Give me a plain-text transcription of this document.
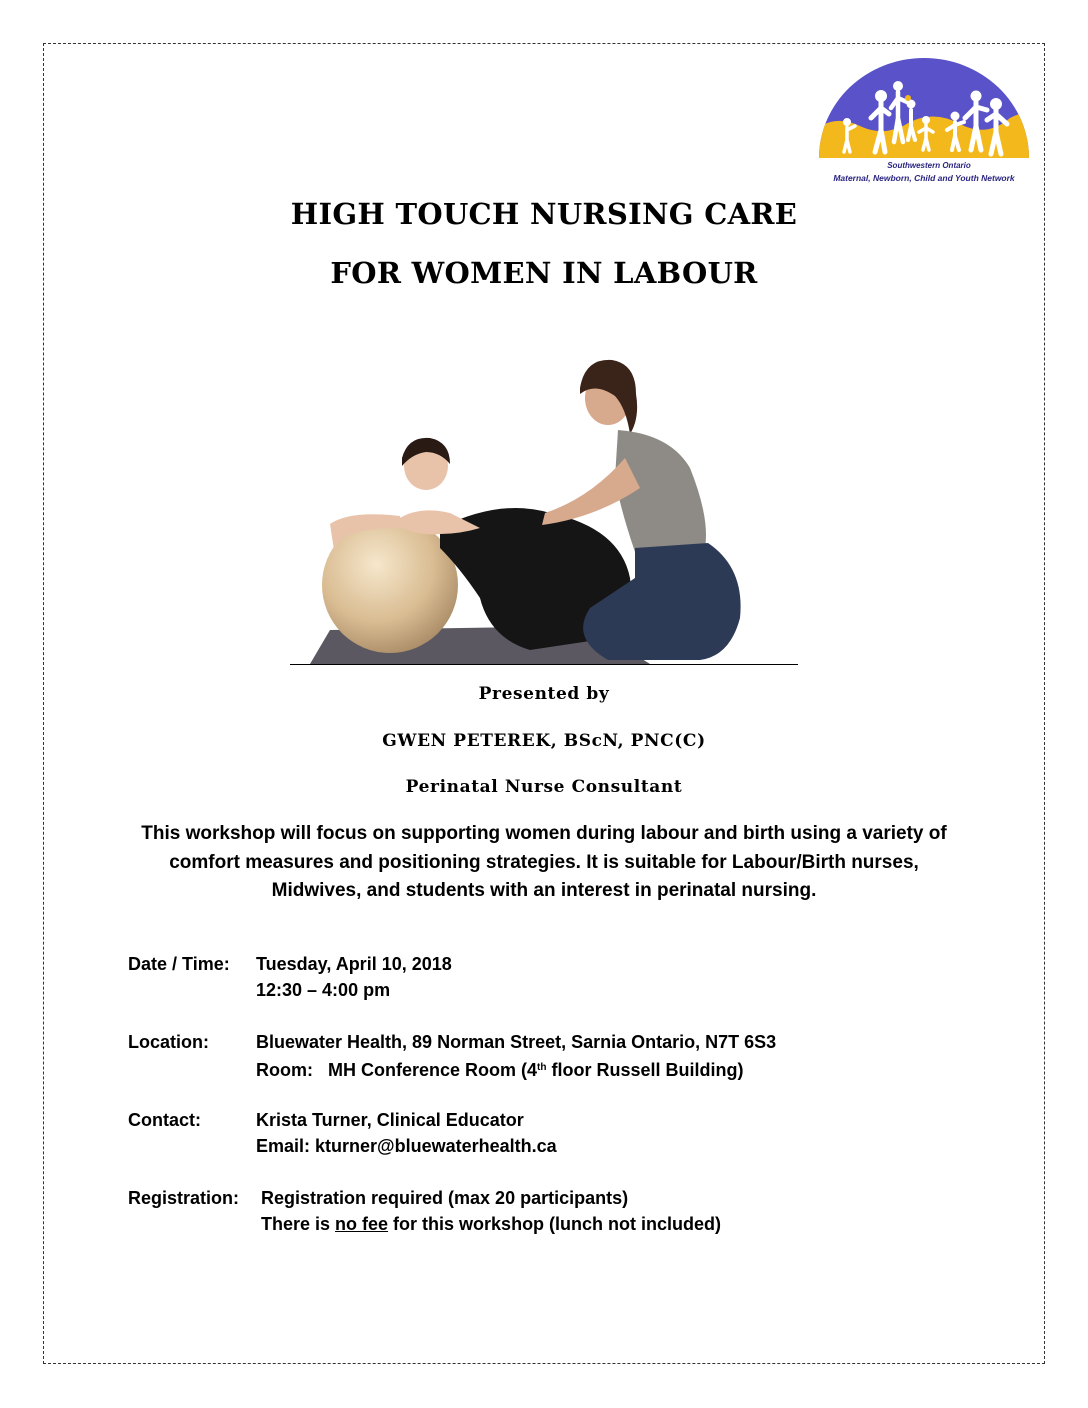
Southwestern Ontario
Maternal, Newborn, Child and Youth Network
HIGH TOUCH NURSING CARE
FOR WOMEN IN LABOUR
Presented by
GWEN PETEREK, BScN, PNC(C)
Perinatal Nurse Consultant
This workshop will focus on supporting women during labour and birth using a variety of comfort measures and positioning strategies. It is suitable for Labour/Birth nurses, Midwives, and students with an interest in perinatal nursing.
Date / Time: Tuesday, April 10, 2018
12:30 – 4:00 pm
Location:	Bluewater Health, 89 Norman Street, Sarnia Ontario, N7T 6S3
Room:   MH Conference Room (4th floor Russell Building)
Contact:	Krista Turner, Clinical Educator
Email: kturner@bluewaterhealth.ca
Registration: Registration required (max 20 participants)
There is no fee for this workshop (lunch not included)
